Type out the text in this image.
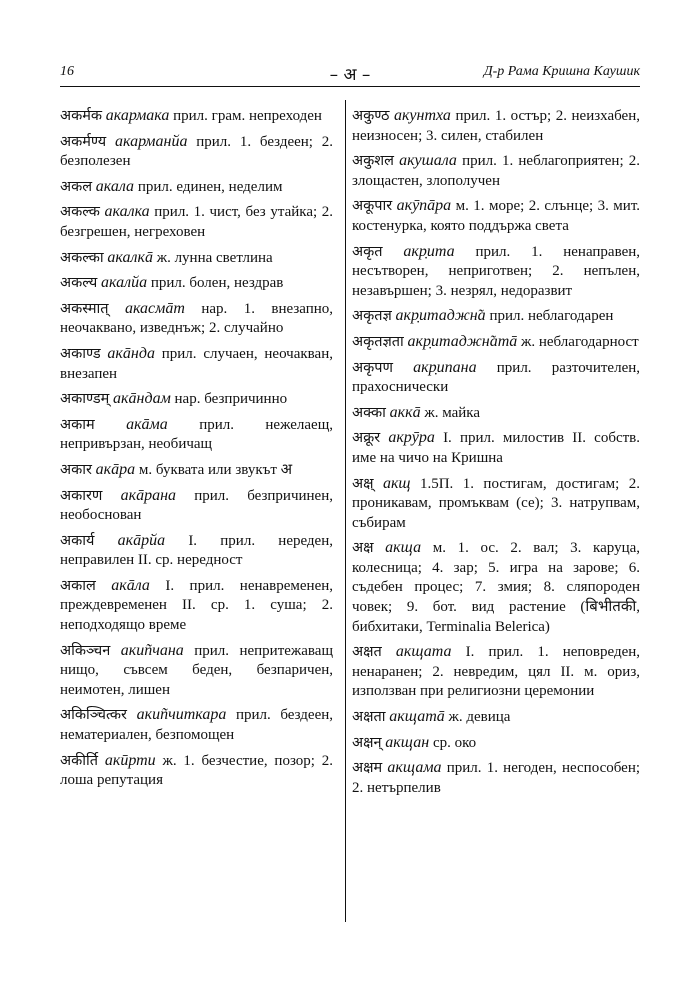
16	– अ –	Д-р Рама Кришна Каушик

अकर्मक акармака прил. грам. непреходен

अकर्मण्य акарманйа прил. 1. бездеен; 2. безполезен

अकल акала прил. единен, неделим

अकल्क акалка прил. 1. чист, без утайка; 2. безгрешен, негреховен

अकल्का акалкā ж. лунна светлина

अकल्य акалйа прил. болен, нездрав

अकस्मात् акасмāт нар. 1. внезапно, неочаквано, изведнъж; 2. случайно

अकाण्ड акāнда прил. случаен, неочакван, внезапен

अकाण्डम् акāндам нар. безпричинно

अकाम акāма прил. нежелаещ, непривързан, необичащ

अकार акāра м. буквата или звукът अ

अकारण акāрана прил. безпричинен, необоснован

अकार्य акāрйа I. прил. нереден, неправилен II. ср. нередност

अकाल акāла I. прил. ненавременен, преждевременен II. ср. 1. суша; 2. неподходящо време

अकिञ्चन акиñчана прил. непритежаващ нищо, съвсем беден, безпаричен, неимотен, лишен

अकिञ्चित्कर акиñчиткара прил. бездеен, нематериален, безпомощен

अकीर्ति акӣрти ж. 1. безчестие, позор; 2. лоша репутация

अकुण्ठ акунтха прил. 1. остър; 2. неизхабен, неизносен; 3. силен, стабилен

अकुशल акушала прил. 1. неблагоприятен; 2. злощастен, злополучен

अकूपार акӯпāра м. 1. море; 2. слънце; 3. мит. костенурка, която поддържа света

अकृत акр̣ита прил. 1. ненаправен, несътворен, неприготвен; 2. непълен, незавършен; 3. незрял, недоразвит

अकृतज्ञ акр̣итаджн̃а прил. неблагодарен

अकृतज्ञता акр̣итаджн̃атā ж. неблагодарност

अकृपण акр̣ипана прил. разточителен, прахоснически

अक्का аккā ж. майка

अक्रूर акрӯра I. прил. милостив II. собств. име на чичо на Кришна

अक्ष् акщ 1.5П. 1. постигам, достигам; 2. проникавам, промъквам (се); 3. натрупвам, събирам

अक्ष акща м. 1. ос. 2. вал; 3. каруца, колесница; 4. зар; 5. игра на зарове; 6. съдебен процес; 7. змия; 8. сляпороден човек; 9. бот. вид растение (बिभीतकी, бибхитаки, Terminalia Belerica)

अक्षत акщата I. прил. 1. неповреден, ненаранен; 2. невредим, цял II. м. ориз, използван при религиозни церемонии

अक्षता акщатā ж. девица

अक्षन् акщан ср. око

अक्षम акщама прил. 1. негоден, неспособен; 2. нетърпелив
